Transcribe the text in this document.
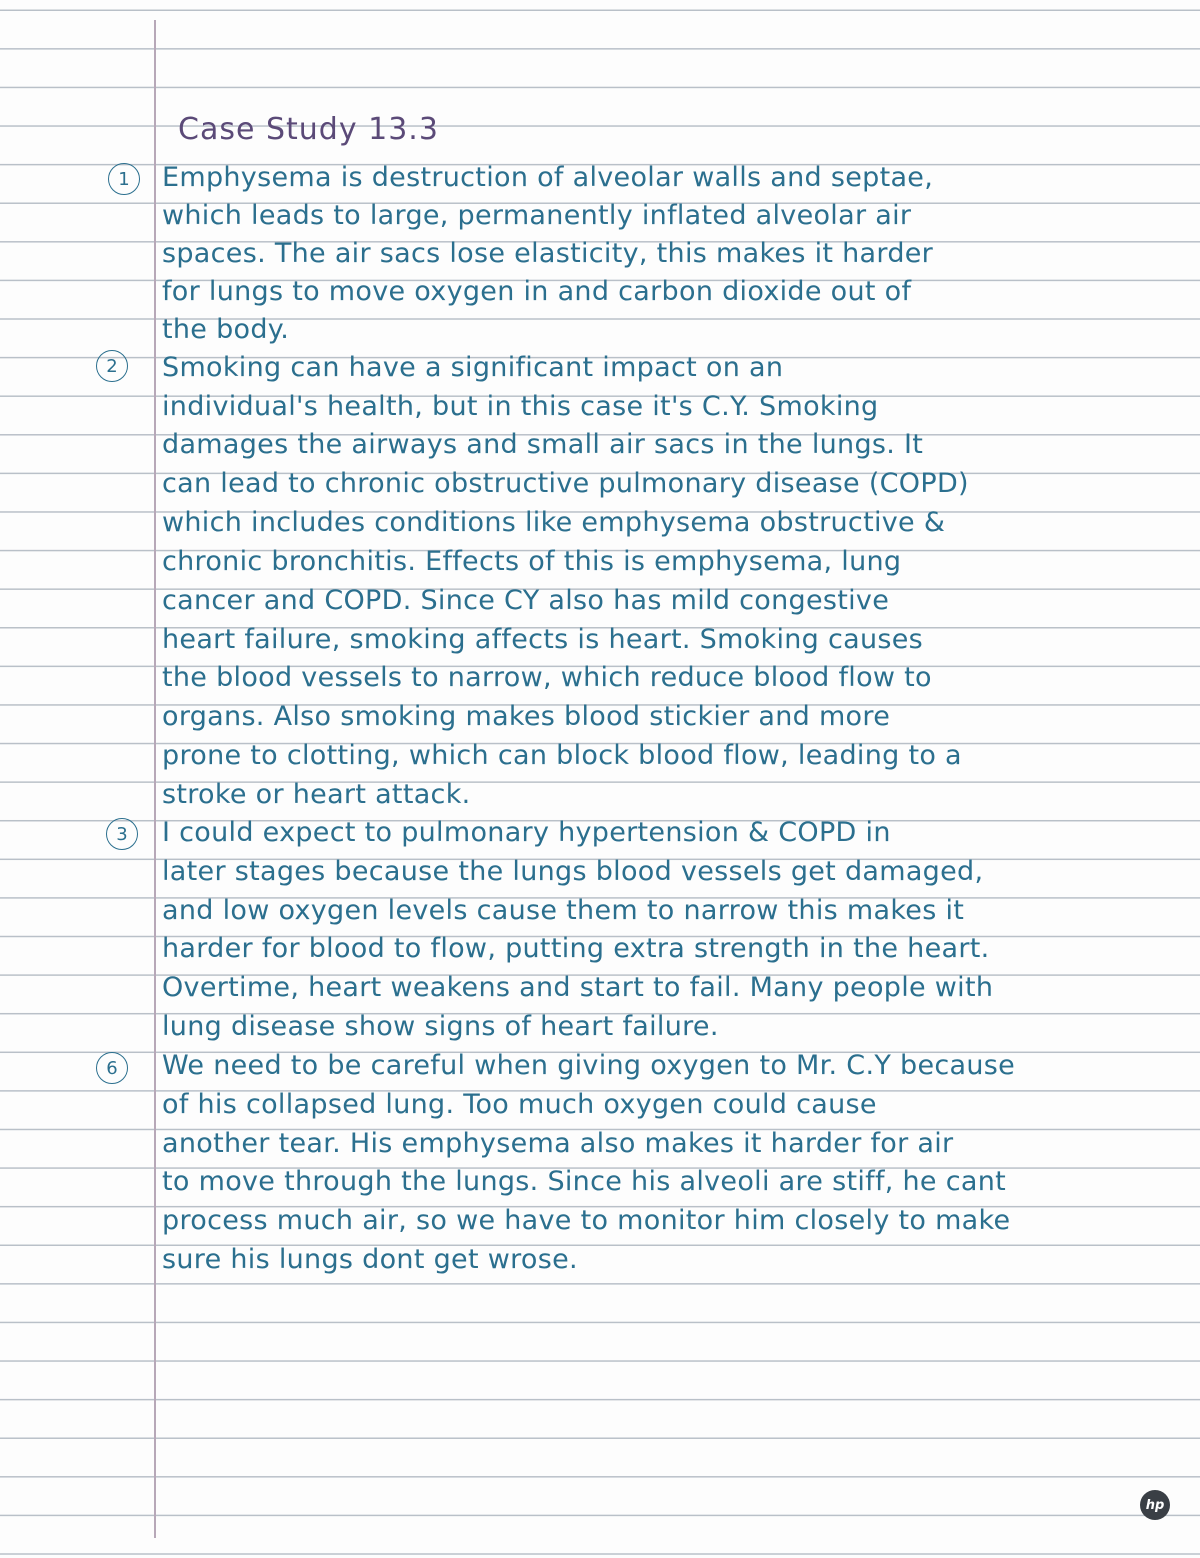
Case Study 13.3
1	Emphysema is destruction of alveolar walls and septae,
which leads to large, permanently inflated alveolar air
spaces. The air sacs lose elasticity, this makes it harder
for lungs to move oxygen in and carbon dioxide out of
the body.
2	Smoking can have a significant impact on an
individual's health, but in this case it's C.Y. Smoking
damages the airways and small air sacs in the lungs. It
can lead to chronic obstructive pulmonary disease (COPD)
which includes conditions like emphysema obstructive &
chronic bronchitis. Effects of this is emphysema, lung
cancer and COPD. Since CY also has mild congestive
heart failure, smoking affects is heart. Smoking causes
the blood vessels to narrow, which reduce blood flow to
organs. Also smoking makes blood stickier and more
prone to clotting, which can block blood flow, leading to a
stroke or heart attack.
3	I could expect to pulmonary hypertension & COPD in
later stages because the lungs blood vessels get damaged,
and low oxygen levels cause them to narrow this makes it
harder for blood to flow, putting extra strength in the heart.
Overtime, heart weakens and start to fail. Many people with
lung disease show signs of heart failure.
6	We need to be careful when giving oxygen to Mr. C.Y because
of his collapsed lung. Too much oxygen could cause
another tear. His emphysema also makes it harder for air
to move through the lungs. Since his alveoli are stiff, he cant
process much air, so we have to monitor him closely to make
sure his lungs dont get wrose.
hp
